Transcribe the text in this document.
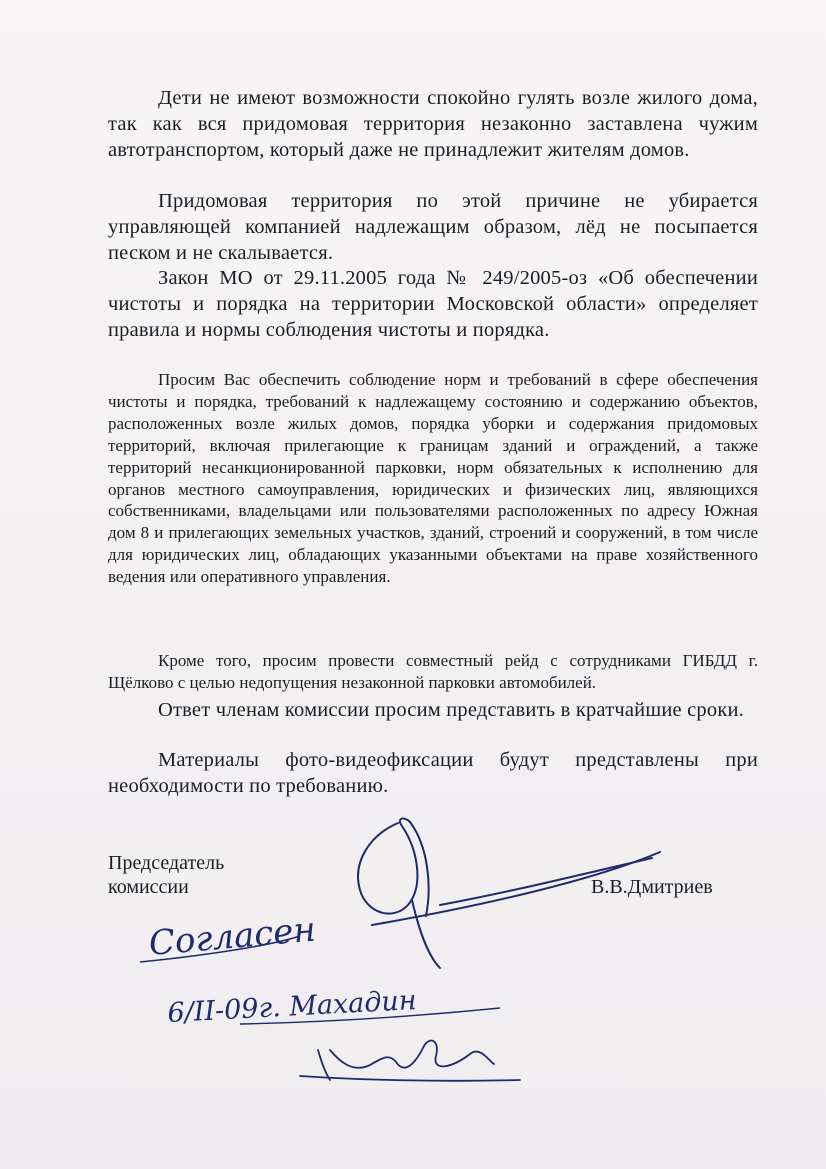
Дети не имеют возможности спокойно гулять возле жилого дома, так как вся придомовая территория незаконно заставлена чужим автотранспортом, который даже не принадлежит жителям домов.

Придомовая территория по этой причине не убирается управляющей компанией надлежащим образом, лёд не посыпается песком и не скалывается.

Закон МО от 29.11.2005 года № 249/2005-оз «Об обеспечении чистоты и порядка на территории Московской области» определяет правила и нормы соблюдения чистоты и порядка.

Просим Вас обеспечить соблюдение норм и требований в сфере обеспечения чистоты и порядка, требований к надлежащему состоянию и содержанию объектов, расположенных возле жилых домов, порядка уборки и содержания придомовых территорий, включая прилегающие к границам зданий и ограждений, а также территорий несанкционированной парковки, норм обязательных к исполнению для органов местного самоуправления, юридических и физических лиц, являющихся собственниками, владельцами или пользователями расположенных по адресу Южная дом 8 и прилегающих земельных участков, зданий, строений и сооружений, в том числе для юридических лиц, обладающих указанными объектами на праве хозяйственного ведения или оперативного управления.

Кроме того, просим провести совместный рейд с сотрудниками ГИБДД г. Щёлково с целью недопущения незаконной парковки автомобилей.

Ответ членам комиссии просим представить в кратчайшие сроки.

Материалы фото-видеофиксации будут представлены при необходимости по требованию.

Председатель
комиссии	В.В.Дмитриев
Согласен
6/II-09г. Махадин
